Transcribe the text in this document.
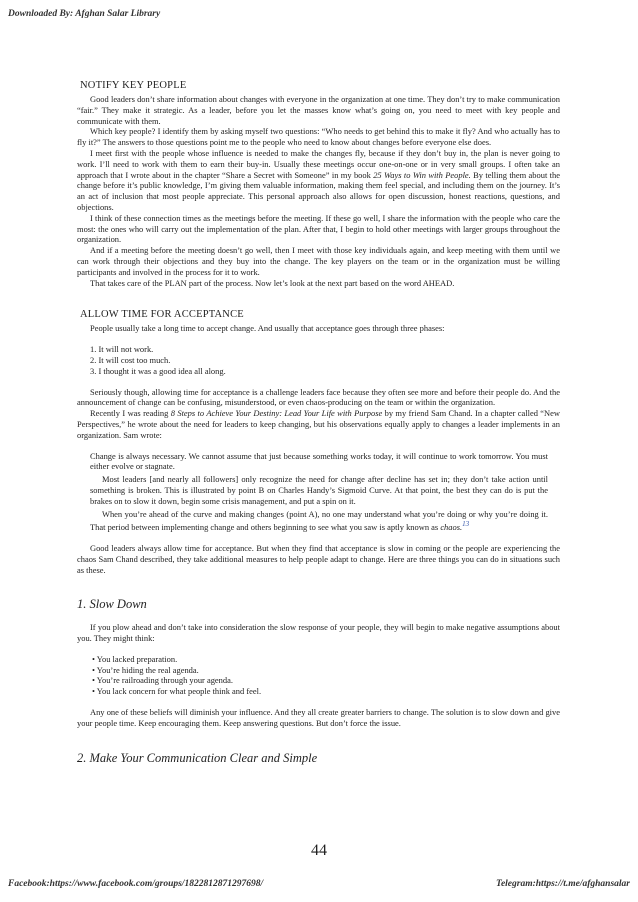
Downloaded By: Afghan Salar Library
NOTIFY KEY PEOPLE

Good leaders don’t share information about changes with everyone in the organization at one time. They don’t try to make communication “fair.” They make it strategic. As a leader, before you let the masses know what’s going on, you need to meet with key people and communicate with them.

Which key people? I identify them by asking myself two questions: “Who needs to get behind this to make it fly? And who actually has to fly it?” The answers to those questions point me to the people who need to know about changes before everyone else does.

I meet first with the people whose influence is needed to make the changes fly, because if they don’t buy in, the plan is never going to work. I’ll need to work with them to earn their buy-in. Usually these meetings occur one-on-one or in very small groups. I often take an approach that I wrote about in the chapter “Share a Secret with Someone” in my book 25 Ways to Win with People. By telling them about the change before it’s public knowledge, I’m giving them valuable information, making them feel special, and including them on the journey. It’s an act of inclusion that most people appreciate. This personal approach also allows for open discussion, honest reactions, questions, and objections.

I think of these connection times as the meetings before the meeting. If these go well, I share the information with the people who care the most: the ones who will carry out the implementation of the plan. After that, I begin to hold other meetings with larger groups throughout the organization.

And if a meeting before the meeting doesn’t go well, then I meet with those key individuals again, and keep meeting with them until we can work through their objections and they buy into the change. The key players on the team or in the organization must be willing participants and involved in the process for it to work.

That takes care of the PLAN part of the process. Now let’s look at the next part based on the word AHEAD.

ALLOW TIME FOR ACCEPTANCE

People usually take a long time to accept change. And usually that acceptance goes through three phases:

1. It will not work.
2. It will cost too much.
3. I thought it was a good idea all along.

Seriously though, allowing time for acceptance is a challenge leaders face because they often see more and before their people do. And the announcement of change can be confusing, misunderstood, or even chaos-producing on the team or within the organization.

Recently I was reading 8 Steps to Achieve Your Destiny: Lead Your Life with Purpose by my friend Sam Chand. In a chapter called “New Perspectives,” he wrote about the need for leaders to keep changing, but his observations equally apply to changes a leader implements in an organization. Sam wrote:

Change is always necessary. We cannot assume that just because something works today, it will continue to work tomorrow. You must either evolve or stagnate.

Most leaders [and nearly all followers] only recognize the need for change after decline has set in; they don’t take action until something is broken. This is illustrated by point B on Charles Handy’s Sigmoid Curve. At that point, the best they can do is put the brakes on to slow it down, begin some crisis management, and put a spin on it.

When you’re ahead of the curve and making changes (point A), no one may understand what you’re doing or why you’re doing it. That period between implementing change and others beginning to see what you saw is aptly known as chaos.$^{13}$

Good leaders always allow time for acceptance. But when they find that acceptance is slow in coming or the people are experiencing the chaos Sam Chand described, they take additional measures to help people adapt to change. Here are three things you can do in situations such as these.

1. Slow Down

If you plow ahead and don’t take into consideration the slow response of your people, they will begin to make negative assumptions about you. They might think:

• You lacked preparation.
• You’re hiding the real agenda.
• You’re railroading through your agenda.
• You lack concern for what people think and feel.

Any one of these beliefs will diminish your influence. And they all create greater barriers to change. The solution is to slow down and give your people time. Keep encouraging them. Keep answering questions. But don’t force the issue.

2. Make Your Communication Clear and Simple
44
Facebook:https://www.facebook.com/groups/1822812871297698/	Telegram:https://t.me/afghansalar
